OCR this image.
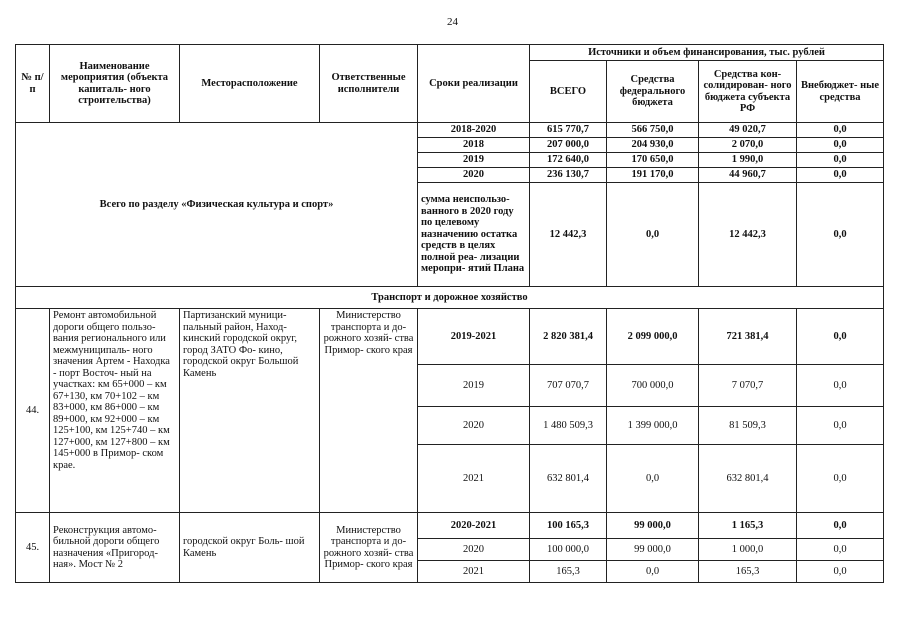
24
№ п/п	Наименование мероприятия (объекта капиталь- ного строительства)	Месторасположение	Ответственные исполнители	Сроки реализации	Источники и объем финансирования, тыс. рублей			
					ВСЕГО	Средства федерального бюджета	Средства кон- солидирован- ного бюджета субъекта РФ	Внебюджет- ные средства
Всего по разделу «Физическая культура и спорт»				2018-2020	615 770,7	566 750,0	49 020,7	0,0
				2018	207 000,0	204 930,0	2 070,0	0,0
				2019	172 640,0	170 650,0	1 990,0	0,0
				2020	236 130,7	191 170,0	44 960,7	0,0
				сумма неиспользо- ванного в 2020 году по целевому назначению остатка средств в целях полной реа- лизации меропри- ятий Плана	12 442,3	0,0	12 442,3	0,0
Транспорт и дорожное хозяйство								
44.	Ремонт автомобильной дороги общего пользо- вания регионального или межмуниципаль- ного значения Артем - Находка - порт Восточ- ный на участках: км 65+000 – км 67+130, км 70+102 – км 83+000, км 86+000 – км 89+000, км 92+000 – км 125+100, км 125+740 – км 127+000, км 127+800 – км 145+000 в Примор- ском крае.	Партизанский муници- пальный район, Наход- кинский городской округ, город ЗАТО Фо- кино, городской округ Большой Камень	Министерство транспорта и до- рожного хозяй- ства Примор- ского края	2019-2021	2 820 381,4	2 099 000,0	721 381,4	0,0
				2019	707 070,7	700 000,0	7 070,7	0,0
				2020	1 480 509,3	1 399 000,0	81 509,3	0,0
				2021	632 801,4	0,0	632 801,4	0,0
45.	Реконструкция автомо- бильной дороги общего назначения «Пригород- ная». Мост № 2	городской округ Боль- шой Камень	Министерство транспорта и до- рожного хозяй- ства Примор- ского края	2020-2021	100 165,3	99 000,0	1 165,3	0,0
				2020	100 000,0	99 000,0	1 000,0	0,0
				2021	165,3	0,0	165,3	0,0
